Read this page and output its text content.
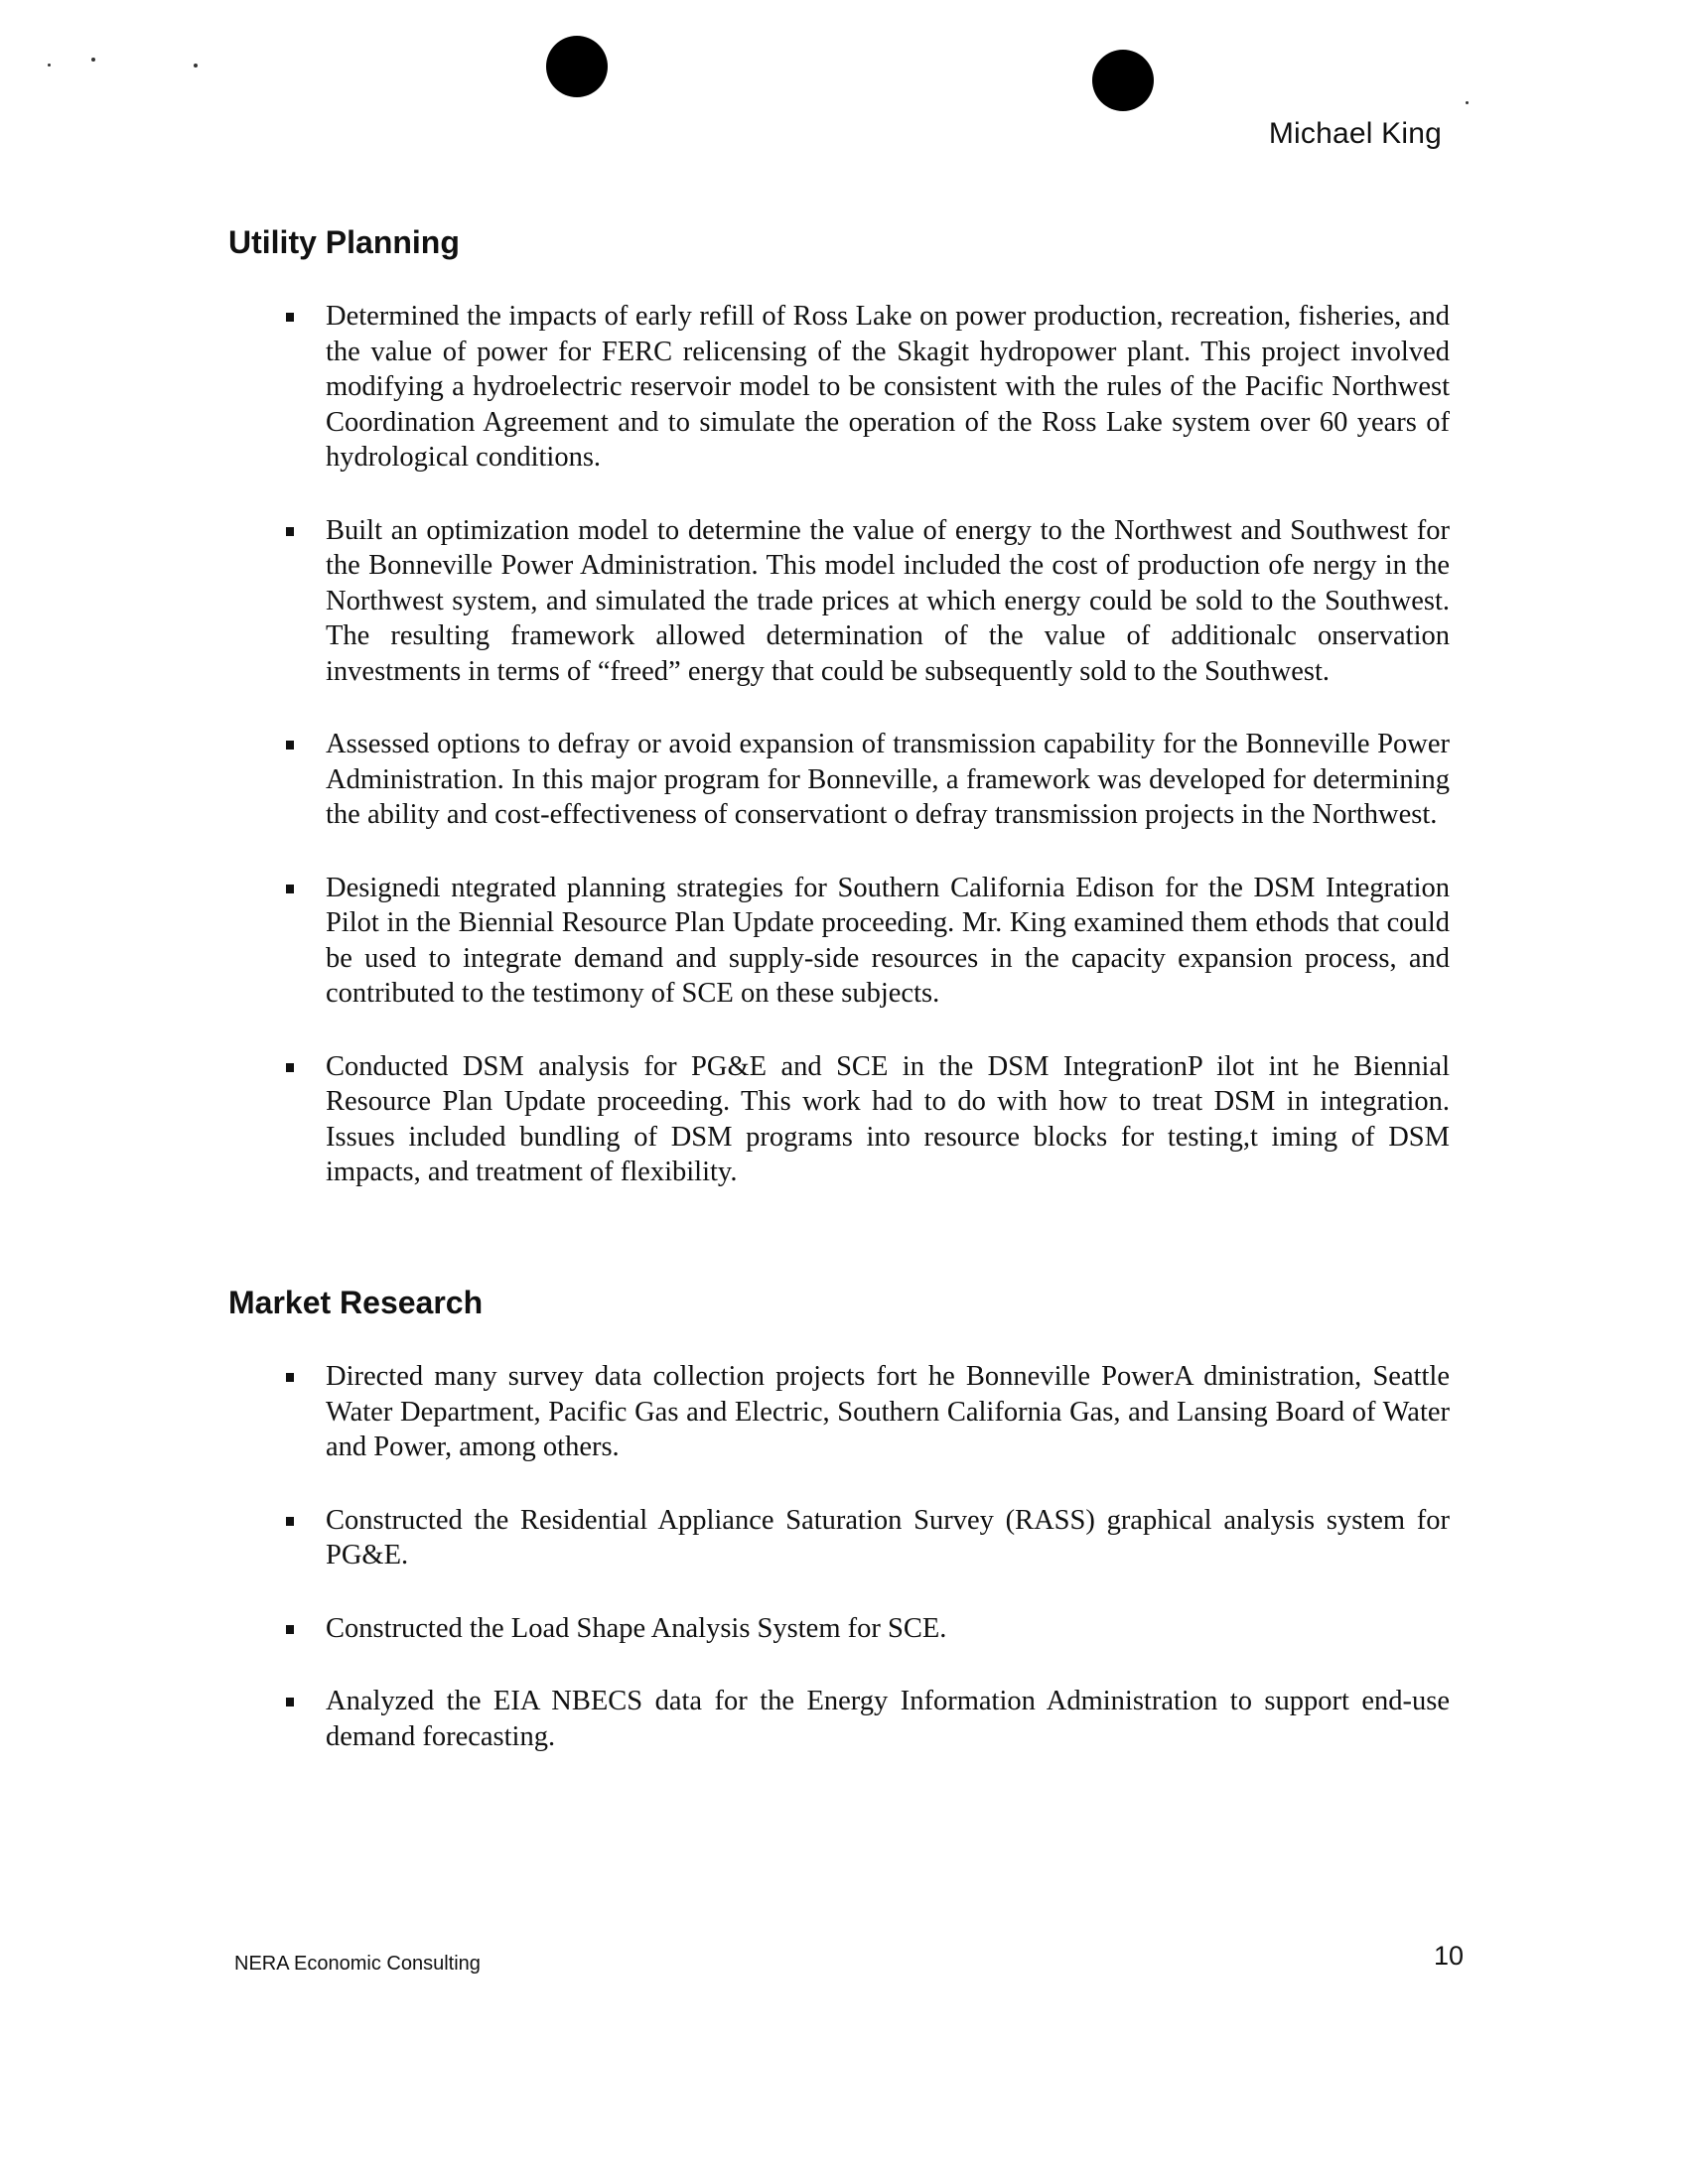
Michael King
Utility Planning
Determined the impacts of early refill of Ross Lake on power production, recreation, fisheries, and the value of power for FERC relicensing of the Skagit hydropower plant. This project involved modifying a hydroelectric reservoir model to be consistent with the rules of the Pacific Northwest Coordination Agreement and to simulate the operation of the Ross Lake system over 60 years of hydrological conditions.
Built an optimization model to determine the value of energy to the Northwest and Southwest for the Bonneville Power Administration. This model included the cost of production ofe nergy in the Northwest system, and simulated the trade prices at which energy could be sold to the Southwest. The resulting framework allowed determination of the value of additionalc onservation investments in terms of “freed” energy that could be subsequently sold to the Southwest.
Assessed options to defray or avoid expansion of transmission capability for the Bonneville Power Administration. In this major program for Bonneville, a framework was developed for determining the ability and cost-effectiveness of conservationt o defray transmission projects in the Northwest.
Designedi ntegrated planning strategies for Southern California Edison for the DSM Integration Pilot in the Biennial Resource Plan Update proceeding. Mr. King examined them ethods that could be used to integrate demand and supply-side resources in the capacity expansion process, and contributed to the testimony of SCE on these subjects.
Conducted DSM analysis for PG&E and SCE in the DSM IntegrationP ilot int he Biennial Resource Plan Update proceeding. This work had to do with how to treat DSM in integration. Issues included bundling of DSM programs into resource blocks for testing,t iming of DSM impacts, and treatment of flexibility.
Market Research
Directed many survey data collection projects fort he Bonneville PowerA dministration, Seattle Water Department, Pacific Gas and Electric, Southern California Gas, and Lansing Board of Water and Power, among others.
Constructed the Residential Appliance Saturation Survey (RASS) graphical analysis system for PG&E.
Constructed the Load Shape Analysis System for SCE.
Analyzed the EIA NBECS data for the Energy Information Administration to support end-use demand forecasting.
NERA Economic Consulting	10
